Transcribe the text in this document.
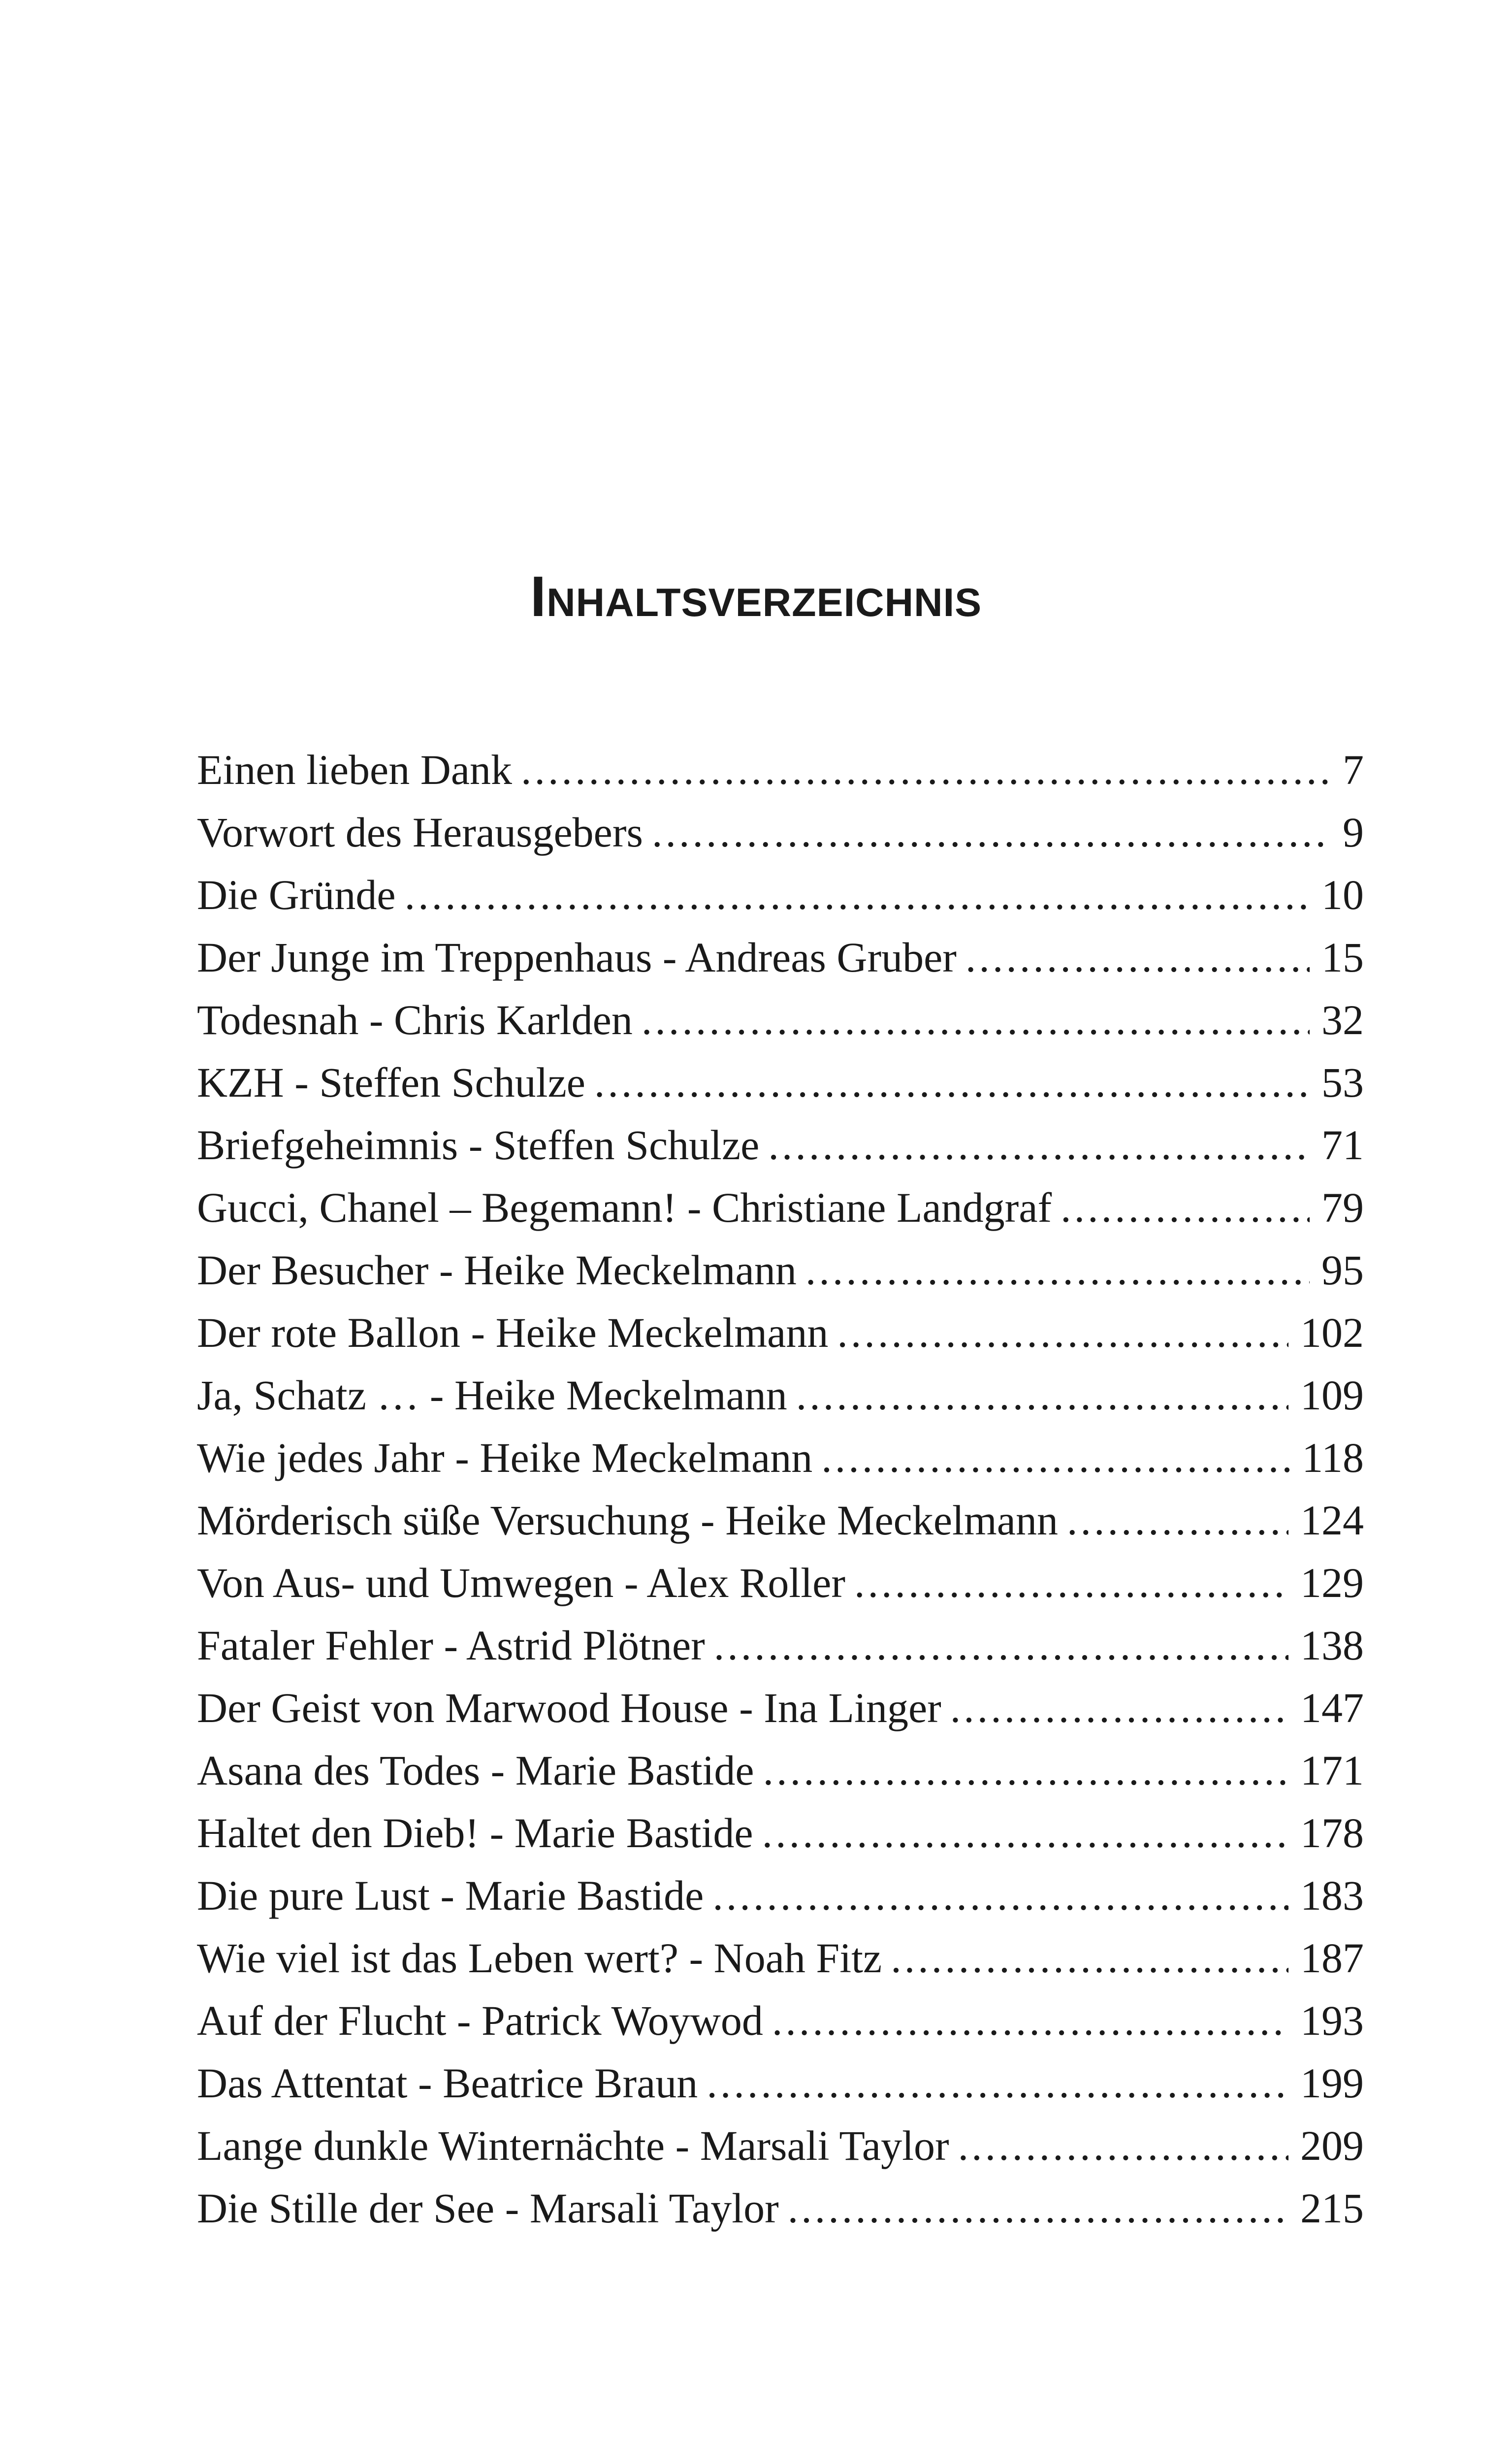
Inhaltsverzeichnis
Einen lieben Dank .....	7
Vorwort des Herausgebers .....	9
Die Gründe .....	10
Der Junge im Treppenhaus - Andreas Gruber .....	15
Todesnah - Chris Karlden .....	32
KZH - Steffen Schulze .....	53
Briefgeheimnis - Steffen Schulze .....	71
Gucci, Chanel – Begemann! - Christiane Landgraf .....	79
Der Besucher - Heike Meckelmann .....	95
Der rote Ballon - Heike Meckelmann .....	102
Ja, Schatz … - Heike Meckelmann .....	109
Wie jedes Jahr - Heike Meckelmann .....	118
Mörderisch süße Versuchung - Heike Meckelmann .....	124
Von Aus- und Umwegen - Alex Roller .....	129
Fataler Fehler - Astrid Plötner .....	138
Der Geist von Marwood House - Ina Linger .....	147
Asana des Todes - Marie Bastide .....	171
Haltet den Dieb! - Marie Bastide .....	178
Die pure Lust - Marie Bastide .....	183
Wie viel ist das Leben wert? - Noah Fitz .....	187
Auf der Flucht - Patrick Woywod .....	193
Das Attentat - Beatrice Braun .....	199
Lange dunkle Winternächte - Marsali Taylor .....	209
Die Stille der See - Marsali Taylor .....	215
